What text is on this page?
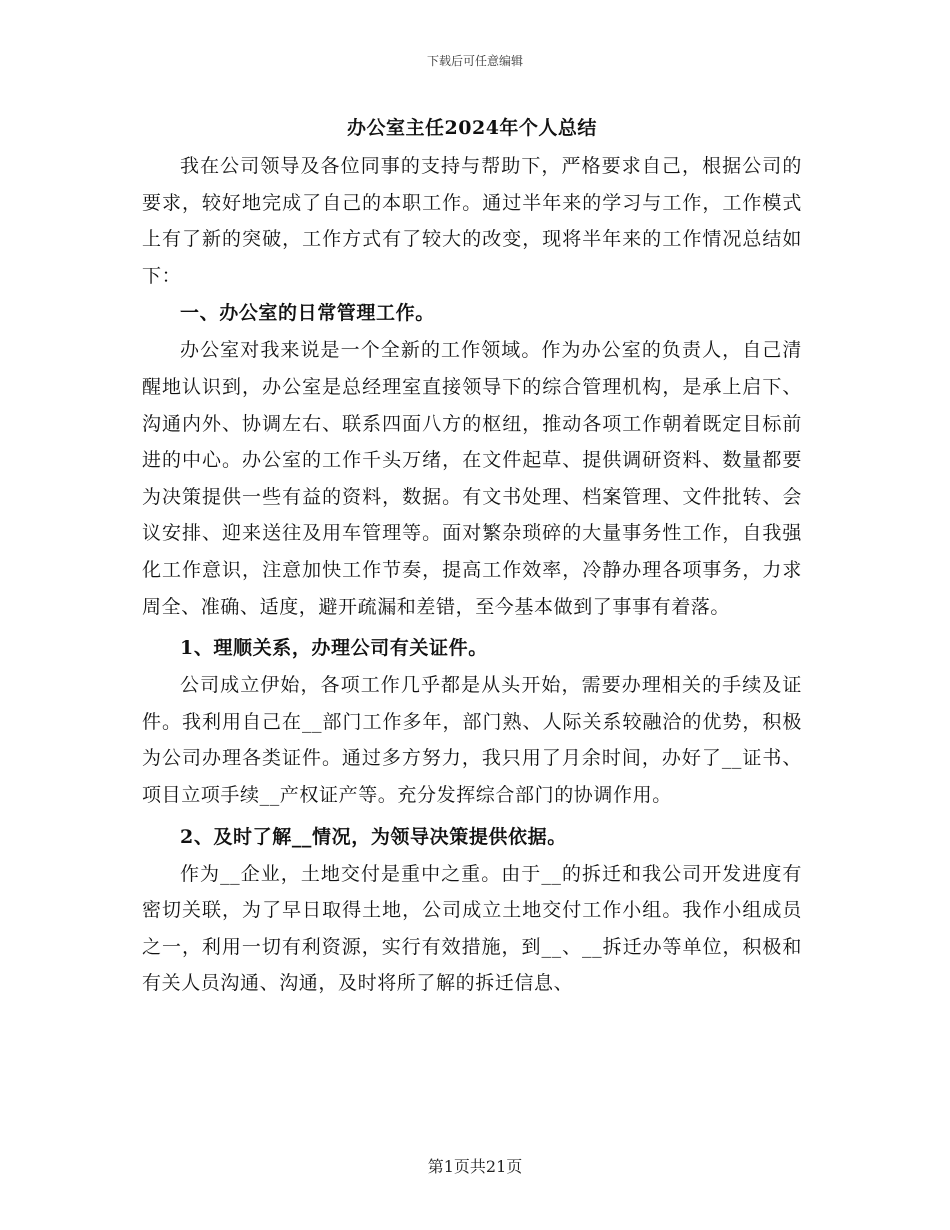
下载后可任意编辑
办公室主任2024年个人总结

我在公司领导及各位同事的支持与帮助下，严格要求自己，根据公司的要求，较好地完成了自己的本职工作。通过半年来的学习与工作，工作模式上有了新的突破，工作方式有了较大的改变，现将半年来的工作情况总结如下：

一、办公室的日常管理工作。

办公室对我来说是一个全新的工作领域。作为办公室的负责人，自己清醒地认识到，办公室是总经理室直接领导下的综合管理机构，是承上启下、沟通内外、协调左右、联系四面八方的枢纽，推动各项工作朝着既定目标前进的中心。办公室的工作千头万绪，在文件起草、提供调研资料、数量都要为决策提供一些有益的资料，数据。有文书处理、档案管理、文件批转、会议安排、迎来送往及用车管理等。面对繁杂琐碎的大量事务性工作，自我强化工作意识，注意加快工作节奏，提高工作效率，冷静办理各项事务，力求周全、准确、适度，避开疏漏和差错，至今基本做到了事事有着落。

1、理顺关系，办理公司有关证件。

公司成立伊始，各项工作几乎都是从头开始，需要办理相关的手续及证件。我利用自己在__部门工作多年，部门熟、人际关系较融洽的优势，积极为公司办理各类证件。通过多方努力，我只用了月余时间，办好了__证书、项目立项手续__产权证产等。充分发挥综合部门的协调作用。

2、及时了解__情况，为领导决策提供依据。

作为__企业，土地交付是重中之重。由于__的拆迁和我公司开发进度有密切关联，为了早日取得土地，公司成立土地交付工作小组。我作小组成员之一，利用一切有利资源，实行有效措施，到__、__拆迁办等单位，积极和有关人员沟通、沟通，及时将所了解的拆迁信息、

第1页共21页
